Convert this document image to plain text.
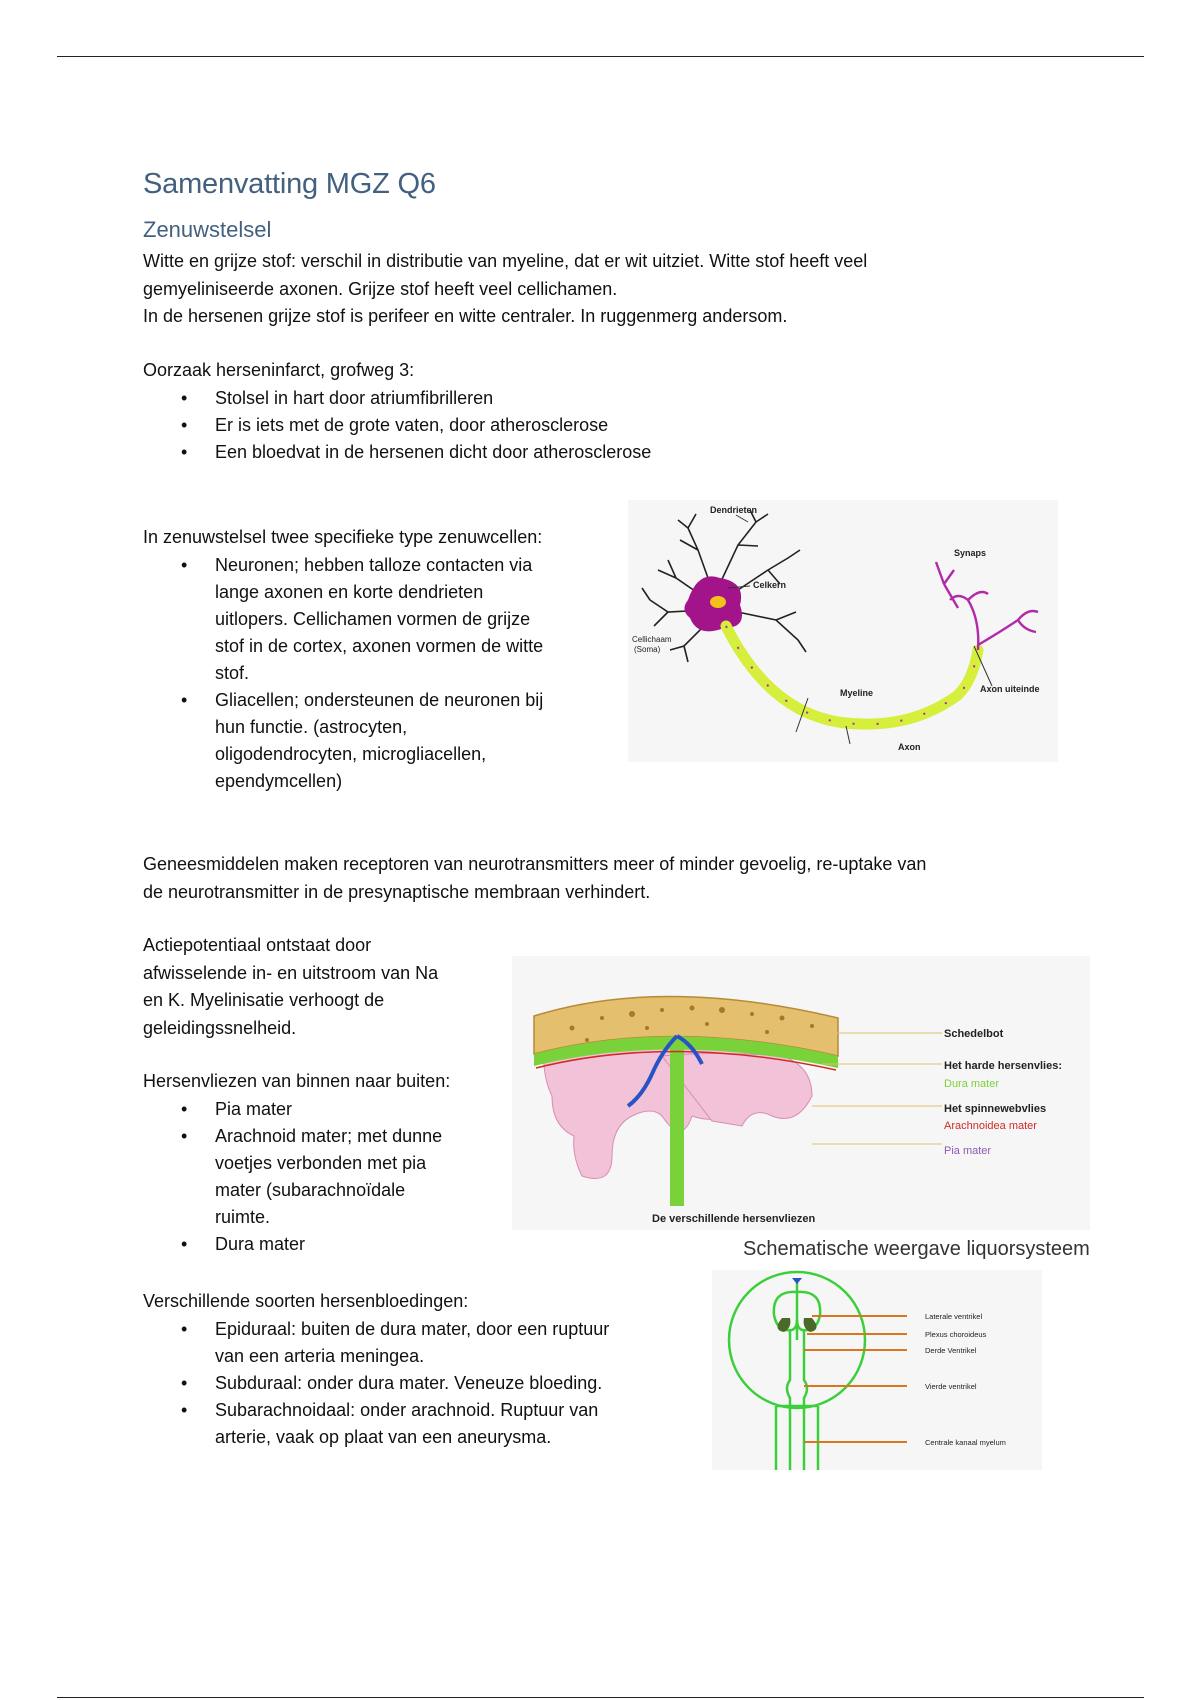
Samenvatting MGZ Q6
Zenuwstelsel

Witte en grijze stof: verschil in distributie van myeline, dat er wit uitziet. Witte stof heeft veel

gemyeliniseerde axonen. Grijze stof heeft veel cellichamen.

In de hersenen grijze stof is perifeer en witte centraler. In ruggenmerg andersom.

Oorzaak herseninfarct, grofweg 3:

• Stolsel in hart door atriumfibrilleren
• Er is iets met de grote vaten, door atherosclerose
• Een bloedvat in de hersenen dicht door atherosclerose

In zenuwstelsel twee specifieke type zenuwcellen:

• Neuronen; hebben talloze contacten via
lange axonen en korte dendrieten
uitlopers. Cellichamen vormen de grijze
stof in de cortex, axonen vormen de witte
stof.
• Gliacellen; ondersteunen de neuronen bij
hun functie. (astrocyten,
oligodendrocyten, microgliacellen,
ependymcellen)
Dendrieten
Celkern
Cellichaam
(Soma)
Synaps
Myeline
Axon
Axon uiteinde

Geneesmiddelen maken receptoren van neurotransmitters meer of minder gevoelig, re-uptake van

de neurotransmitter in de presynaptische membraan verhindert.

Actiepotentiaal ontstaat door

afwisselende in- en uitstroom van Na

en K. Myelinisatie verhoogt de

geleidingssnelheid.

Hersenvliezen van binnen naar buiten:

• Pia mater
• Arachnoid mater; met dunne
voetjes verbonden met pia
mater (subarachnoïdale
ruimte.
• Dura mater
Schedelbot
Het harde hersenvlies:
Dura mater
Het spinnewebvlies
Arachnoidea mater
Pia mater
De verschillende hersenvliezen
Schematische weergave liquorsysteem

Verschillende soorten hersenbloedingen:

• Epiduraal: buiten de dura mater, door een ruptuur
van een arteria meningea.
• Subduraal: onder dura mater. Veneuze bloeding.
• Subarachnoidaal: onder arachnoid. Ruptuur van
arterie, vaak op plaat van een aneurysma.
Laterale ventrikel
Plexus choroideus
Derde Ventrikel
Vierde ventrikel
Centrale kanaal myelum
